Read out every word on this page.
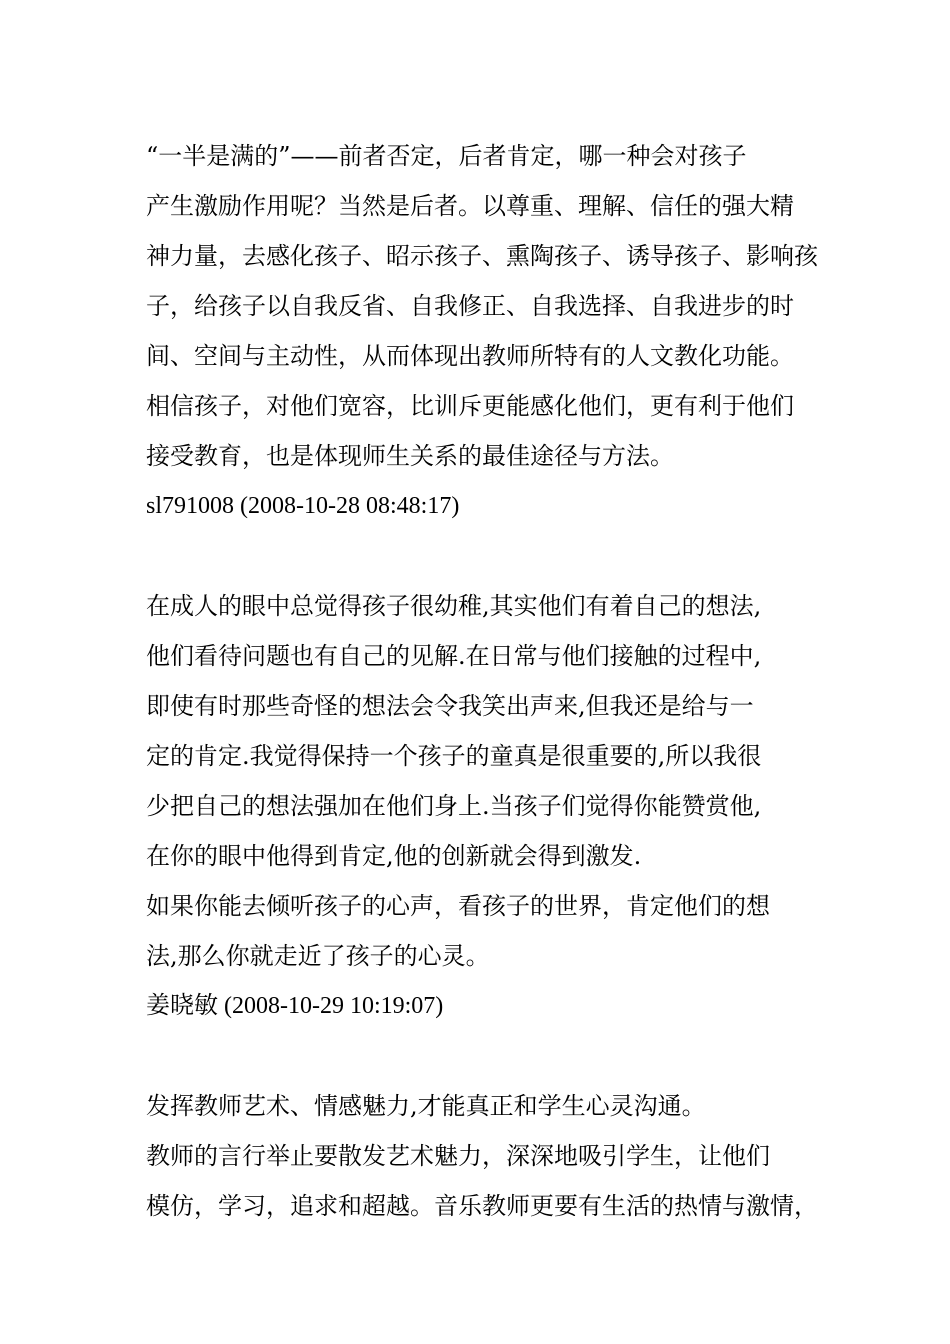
“一半是满的”——前者否定，后者肯定，哪一种会对孩子
产生激励作用呢？当然是后者。以尊重、理解、信任的强大精
神力量，去感化孩子、昭示孩子、熏陶孩子、诱导孩子、影响孩
子，给孩子以自我反省、自我修正、自我选择、自我进步的时
间、空间与主动性，从而体现出教师所特有的人文教化功能。
相信孩子，对他们宽容，比训斥更能感化他们，更有利于他们
接受教育，也是体现师生关系的最佳途径与方法。
sl791008 (2008-10-28 08:48:17)
在成人的眼中总觉得孩子很幼稚,其实他们有着自己的想法,
他们看待问题也有自己的见解.在日常与他们接触的过程中,
即使有时那些奇怪的想法会令我笑出声来,但我还是给与一
定的肯定.我觉得保持一个孩子的童真是很重要的,所以我很
少把自己的想法强加在他们身上.当孩子们觉得你能赞赏他,
在你的眼中他得到肯定,他的创新就会得到激发.
如果你能去倾听孩子的心声，看孩子的世界，肯定他们的想
法,那么你就走近了孩子的心灵。
姜晓敏 (2008-10-29 10:19:07)
发挥教师艺术、情感魅力,才能真正和学生心灵沟通。
教师的言行举止要散发艺术魅力，深深地吸引学生，让他们
模仿，学习，追求和超越。音乐教师更要有生活的热情与激情，
